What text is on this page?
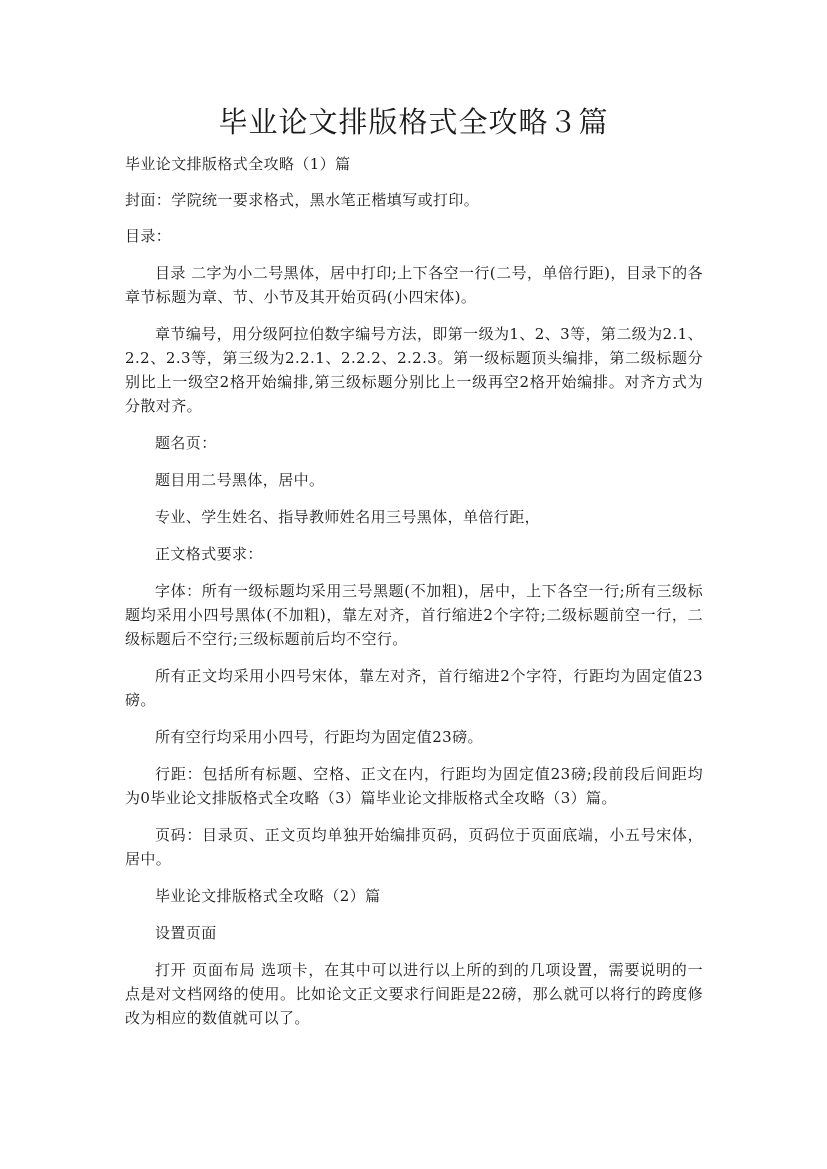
毕业论文排版格式全攻略３篇

毕业论文排版格式全攻略（1）篇

封面：学院统一要求格式，黑水笔正楷填写或打印。

目录：

目录 二字为小二号黑体，居中打印;上下各空一行(二号，单倍行距)，目录下的各章节标题为章、节、小节及其开始页码(小四宋体)。

章节编号，用分级阿拉伯数字编号方法，即第一级为1、2、3等，第二级为2.1、2.2、2.3等，第三级为2.2.1、2.2.2、2.2.3。第一级标题顶头编排，第二级标题分别比上一级空2格开始编排,第三级标题分别比上一级再空2格开始编排。对齐方式为分散对齐。

题名页：

题目用二号黑体，居中。

专业、学生姓名、指导教师姓名用三号黑体，单倍行距，

正文格式要求：

字体：所有一级标题均采用三号黑题(不加粗)，居中，上下各空一行;所有三级标题均采用小四号黑体(不加粗)，靠左对齐，首行缩进2个字符;二级标题前空一行，二级标题后不空行;三级标题前后均不空行。

所有正文均采用小四号宋体，靠左对齐，首行缩进2个字符，行距均为固定值23磅。

所有空行均采用小四号，行距均为固定值23磅。

行距：包括所有标题、空格、正文在内，行距均为固定值23磅;段前段后间距均为0毕业论文排版格式全攻略（3）篇毕业论文排版格式全攻略（3）篇。

页码：目录页、正文页均单独开始编排页码，页码位于页面底端，小五号宋体，居中。

毕业论文排版格式全攻略（2）篇

设置页面

打开 页面布局 选项卡，在其中可以进行以上所的到的几项设置，需要说明的一点是对文档网络的使用。比如论文正文要求行间距是22磅，那么就可以将行的跨度修改为相应的数值就可以了。
